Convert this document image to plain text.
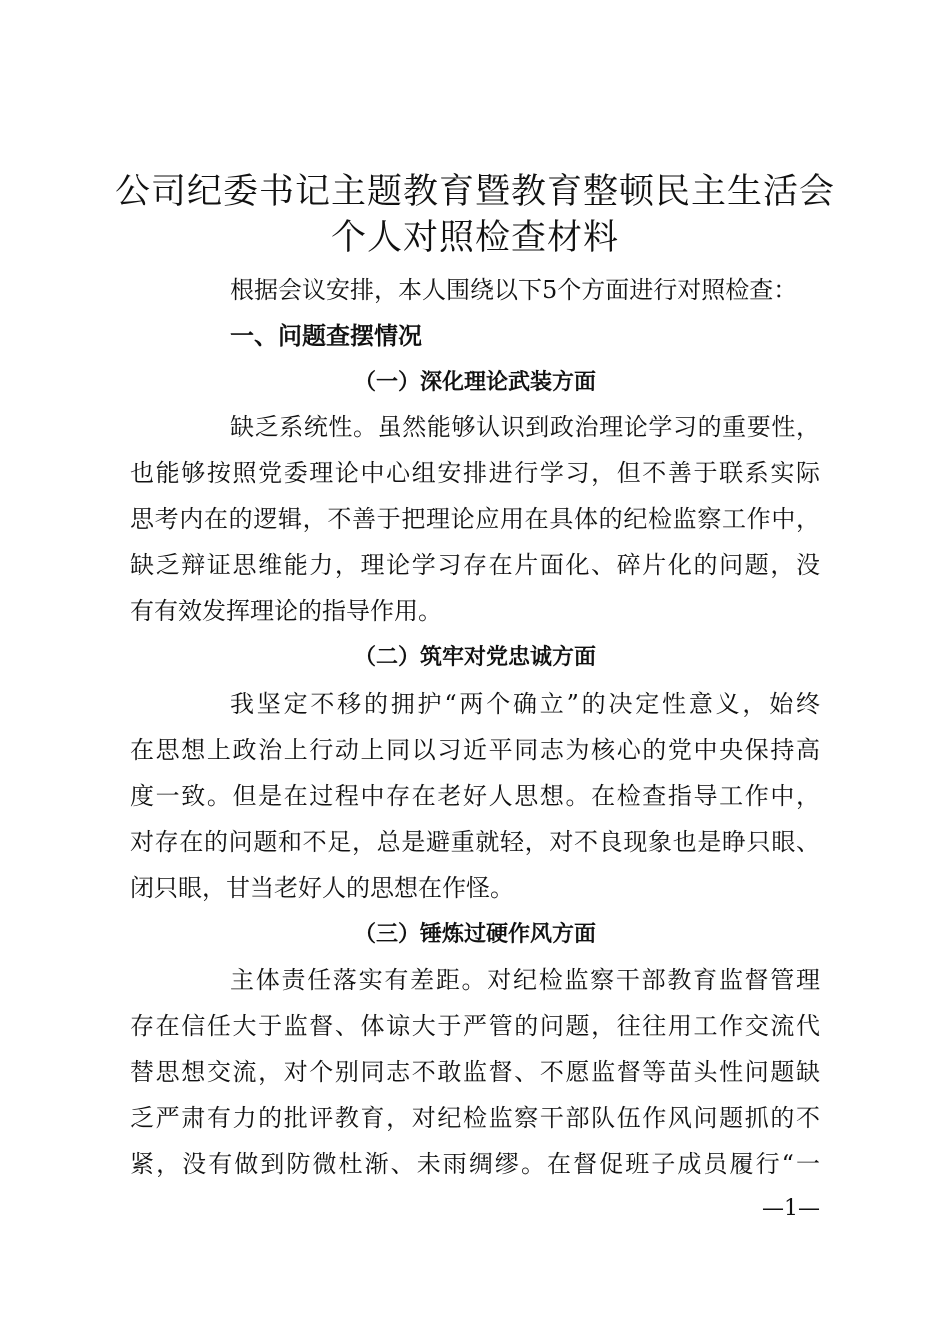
公司纪委书记主题教育暨教育整顿民主生活会
个人对照检查材料
根据会议安排，本人围绕以下5个方面进行对照检查：
一、问题查摆情况
（一）深化理论武装方面
缺乏系统性。虽然能够认识到政治理论学习的重要性，
也能够按照党委理论中心组安排进行学习，但不善于联系实际
思考内在的逻辑，不善于把理论应用在具体的纪检监察工作中，
缺乏辩证思维能力，理论学习存在片面化、碎片化的问题，没
有有效发挥理论的指导作用。
（二）筑牢对党忠诚方面
我坚定不移的拥护“两个确立”的决定性意义，始终
在思想上政治上行动上同以习近平同志为核心的党中央保持高
度一致。但是在过程中存在老好人思想。在检查指导工作中，
对存在的问题和不足，总是避重就轻，对不良现象也是睁只眼、
闭只眼，甘当老好人的思想在作怪。
（三）锤炼过硬作风方面
主体责任落实有差距。对纪检监察干部教育监督管理
存在信任大于监督、体谅大于严管的问题，往往用工作交流代
替思想交流，对个别同志不敢监督、不愿监督等苗头性问题缺
乏严肃有力的批评教育，对纪检监察干部队伍作风问题抓的不
紧，没有做到防微杜渐、未雨绸缪。在督促班子成员履行“一
—1—
